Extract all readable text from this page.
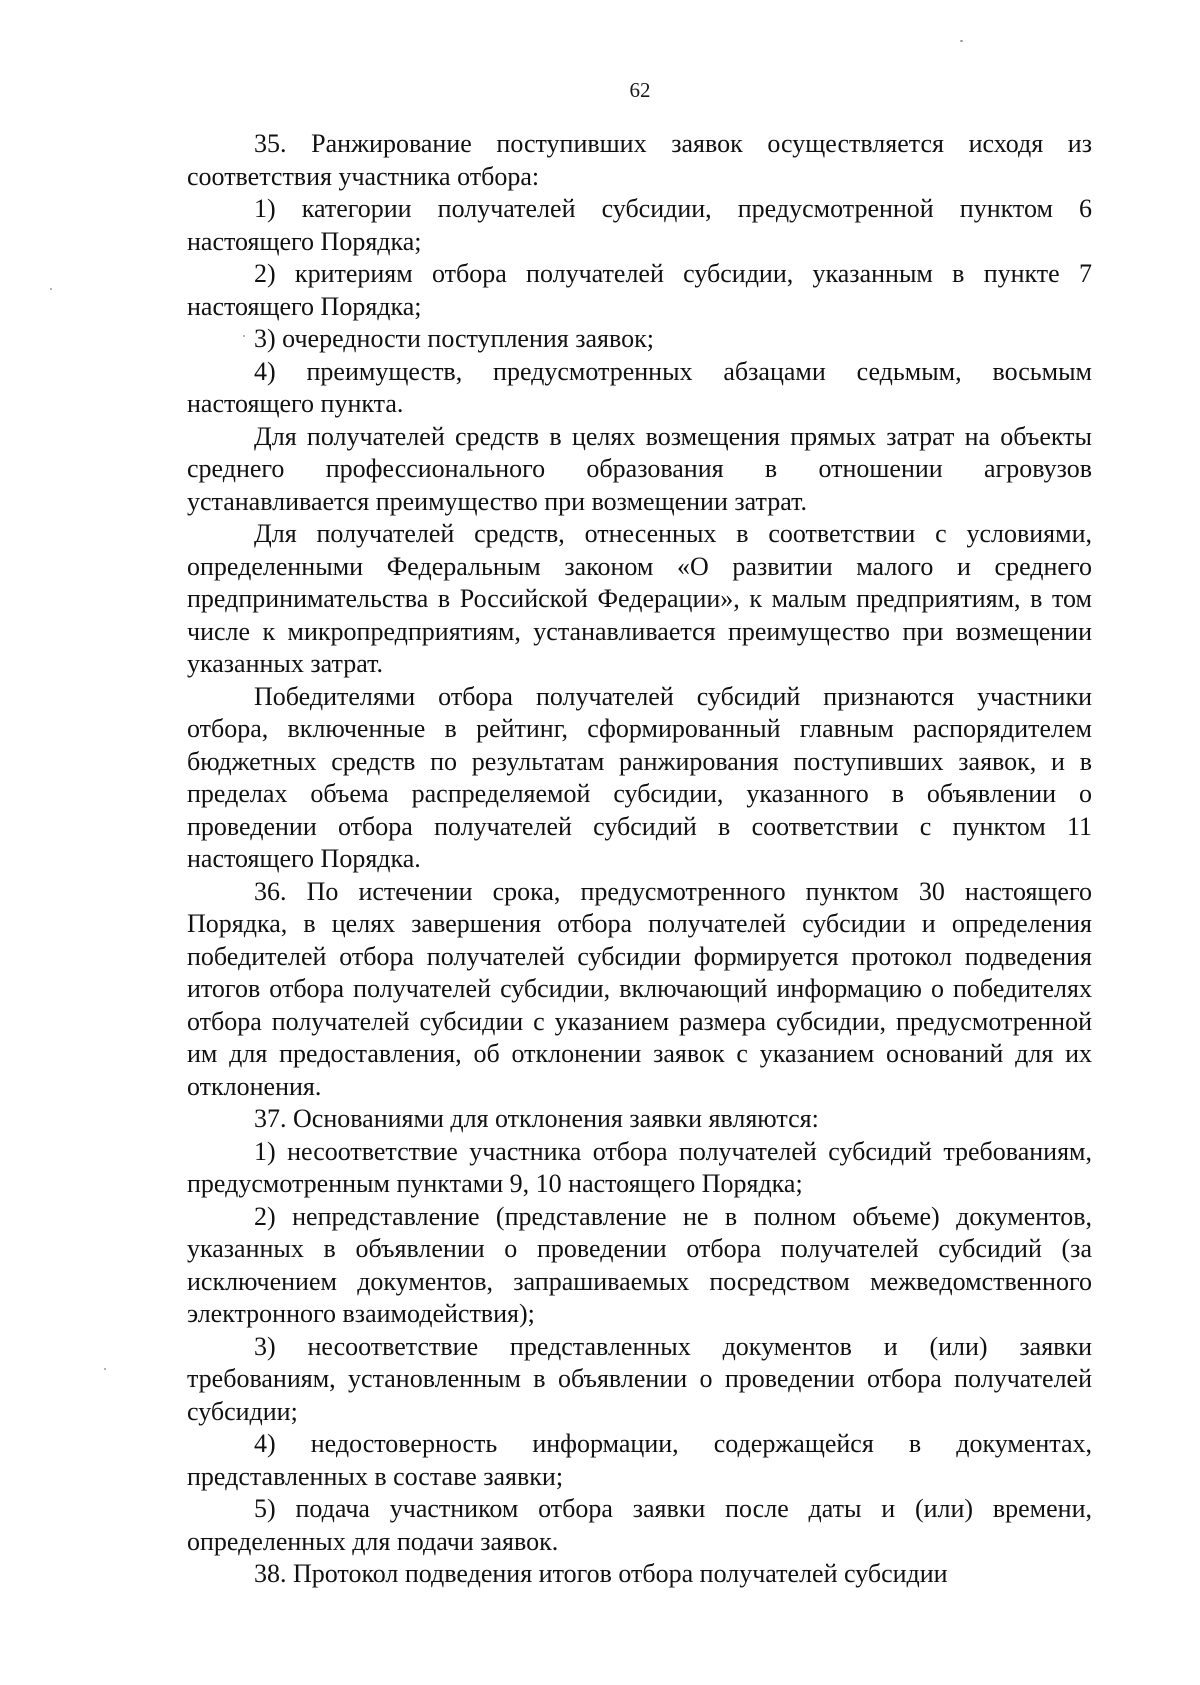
62

35. Ранжирование поступивших заявок осуществляется исходя из соответствия участника отбора:

1) категории получателей субсидии, предусмотренной пунктом 6 настоящего Порядка;

2) критериям отбора получателей субсидии, указанным в пункте 7 настоящего Порядка;

3) очередности поступления заявок;

4) преимуществ, предусмотренных абзацами седьмым, восьмым настоящего пункта.

Для получателей средств в целях возмещения прямых затрат на объекты среднего профессионального образования в отношении агровузов устанавливается преимущество при возмещении затрат.

Для получателей средств, отнесенных в соответствии с условиями, определенными Федеральным законом «О развитии малого и среднего предпринимательства в Российской Федерации», к малым предприятиям, в том числе к микропредприятиям, устанавливается преимущество при возмещении указанных затрат.

Победителями отбора получателей субсидий признаются участники отбора, включенные в рейтинг, сформированный главным распорядителем бюджетных средств по результатам ранжирования поступивших заявок, и в пределах объема распределяемой субсидии, указанного в объявлении о проведении отбора получателей субсидий в соответствии с пунктом 11 настоящего Порядка.

36. По истечении срока, предусмотренного пунктом 30 настоящего Порядка, в целях завершения отбора получателей субсидии и определения победителей отбора получателей субсидии формируется протокол подведения итогов отбора получателей субсидии, включающий информацию о победителях отбора получателей субсидии с указанием размера субсидии, предусмотренной им для предоставления, об отклонении заявок с указанием оснований для их отклонения.

37. Основаниями для отклонения заявки являются:

1) несоответствие участника отбора получателей субсидий требованиям, предусмотренным пунктами 9, 10 настоящего Порядка;

2) непредставление (представление не в полном объеме) документов, указанных в объявлении о проведении отбора получателей субсидий (за исключением документов, запрашиваемых посредством межведомственного электронного взаимодействия);

3) несоответствие представленных документов и (или) заявки требованиям, установленным в объявлении о проведении отбора получателей субсидии;

4) недостоверность информации, содержащейся в документах, представленных в составе заявки;

5) подача участником отбора заявки после даты и (или) времени, определенных для подачи заявок.

38. Протокол подведения итогов отбора получателей субсидии
